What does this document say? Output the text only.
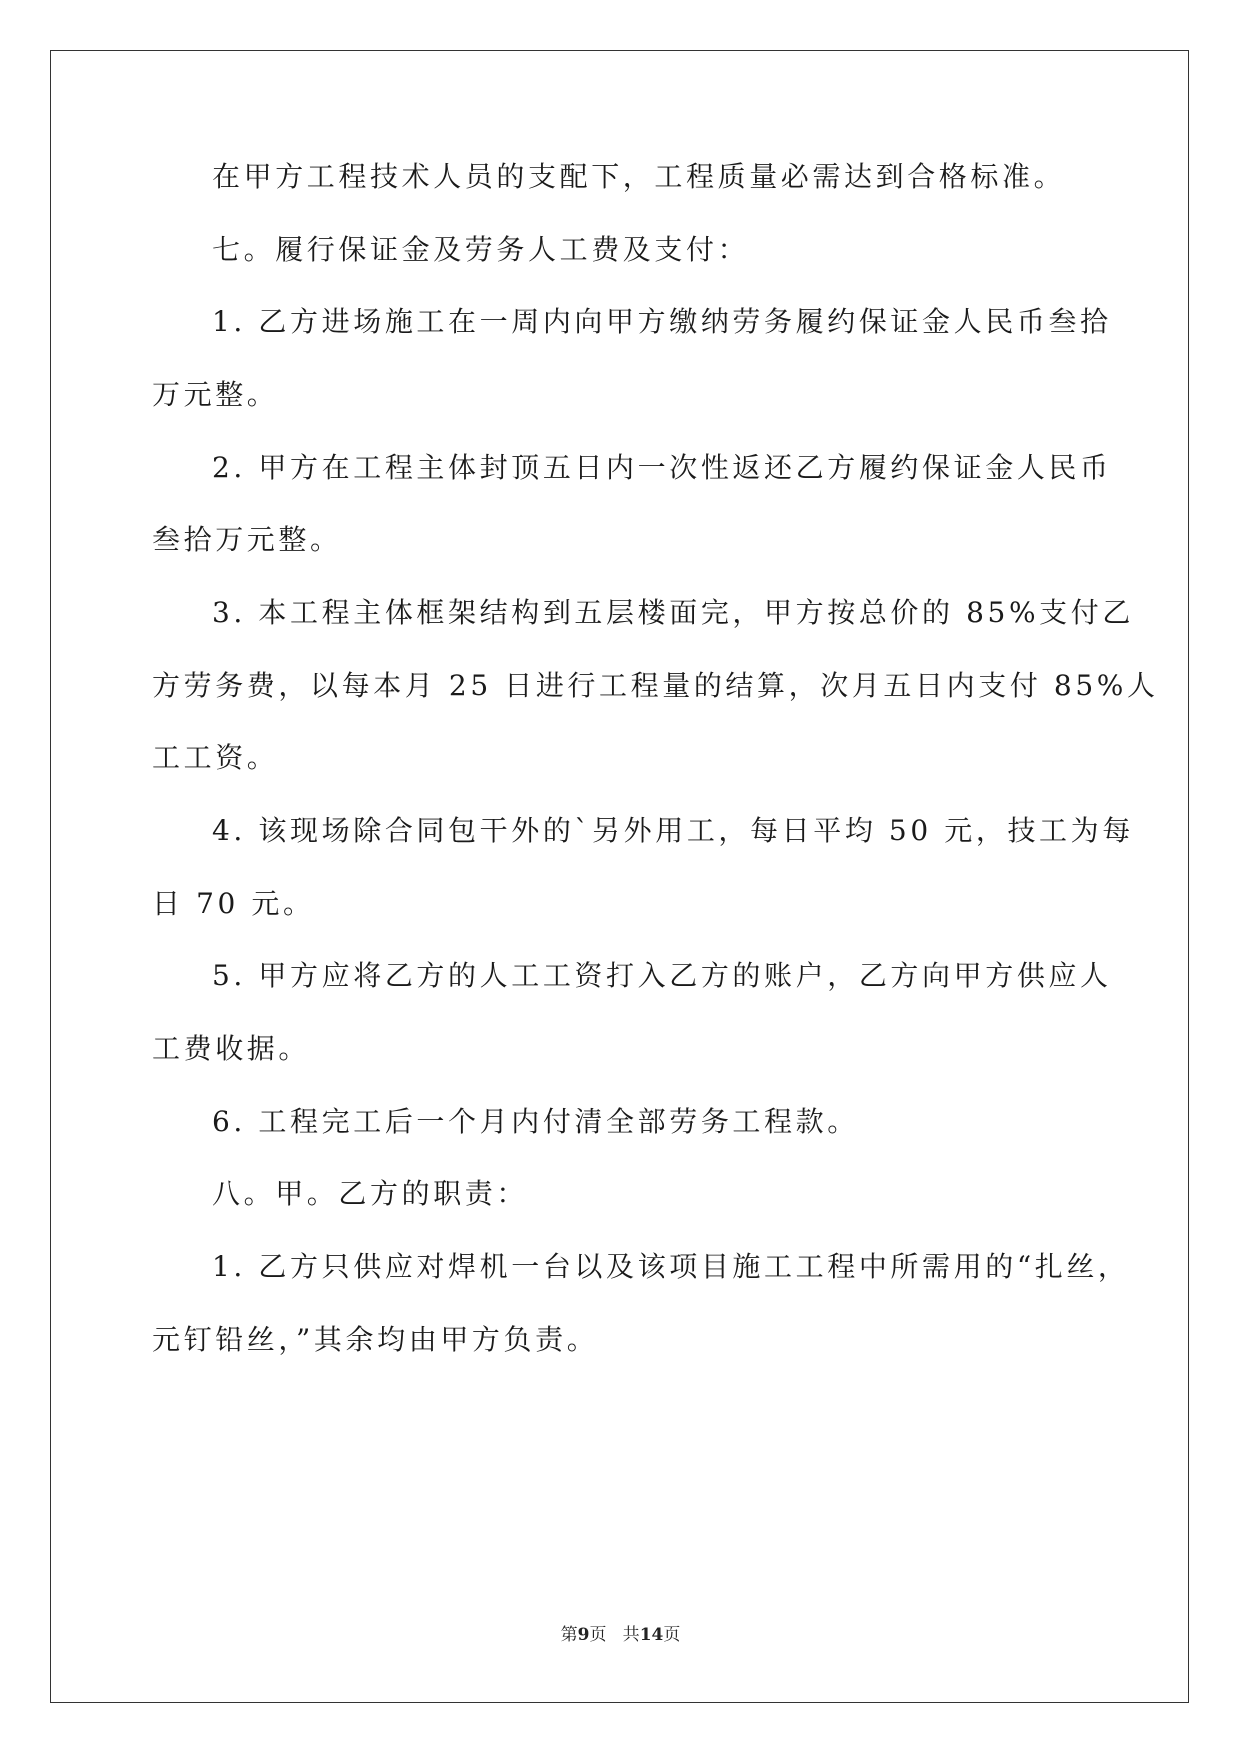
在甲方工程技术人员的支配下，工程质量必需达到合格标准。
七。履行保证金及劳务人工费及支付：
1. 乙方进场施工在一周内向甲方缴纳劳务履约保证金人民币叁拾
万元整。
2. 甲方在工程主体封顶五日内一次性返还乙方履约保证金人民币
叁拾万元整。
3. 本工程主体框架结构到五层楼面完，甲方按总价的 85%支付乙
方劳务费，以每本月 25 日进行工程量的结算，次月五日内支付 85%人
工工资。
4. 该现场除合同包干外的`另外用工，每日平均 50 元，技工为每
日 70 元。
5. 甲方应将乙方的人工工资打入乙方的账户，乙方向甲方供应人
工费收据。
6. 工程完工后一个月内付清全部劳务工程款。
八。甲。乙方的职责：
1. 乙方只供应对焊机一台以及该项目施工工程中所需用的“扎丝，
元钉铅丝，”其余均由甲方负责。
第9页   共14页
